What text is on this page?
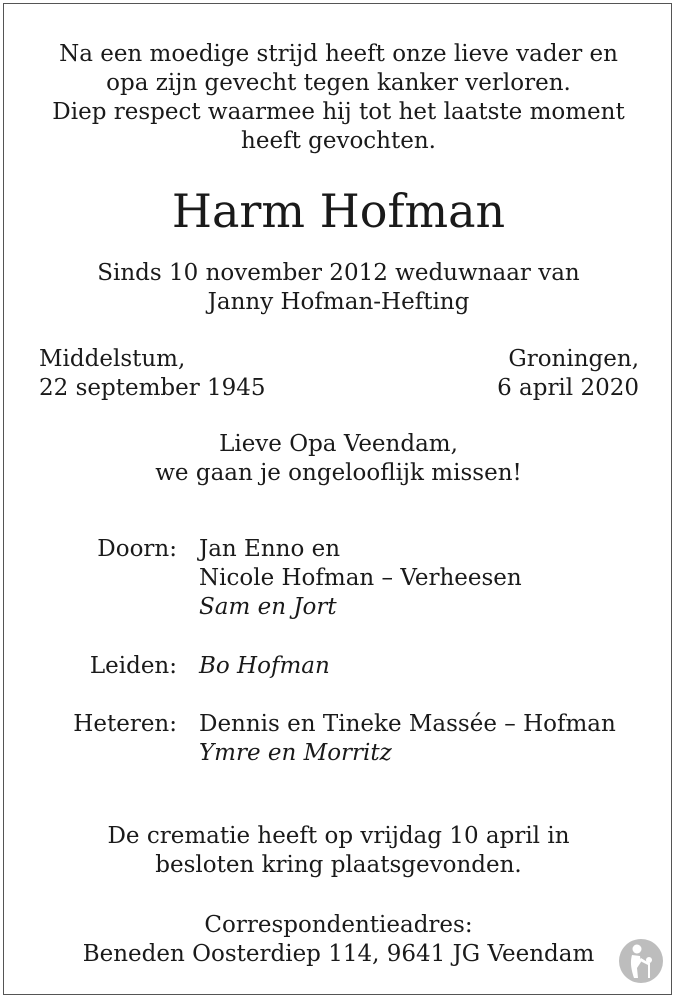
Na een moedige strijd heeft onze lieve vader en
opa zijn gevecht tegen kanker verloren.
Diep respect waarmee hij tot het laatste moment
heeft gevochten.
Harm Hofman
Sinds 10 november 2012 weduwnaar van
Janny Hofman-Hefting
Middelstum,
22 september 1945
Groningen,
6 april 2020
Lieve Opa Veendam,
we gaan je ongelooflijk missen!
Doorn: Jan Enno en
Nicole Hofman – Verheesen
Sam en Jort
Leiden: Bo Hofman
Heteren: Dennis en Tineke Massée – Hofman
Ymre en Morritz
De crematie heeft op vrijdag 10 april in
besloten kring plaatsgevonden.
Correspondentieadres:
Beneden Oosterdiep 114, 9641 JG Veendam
